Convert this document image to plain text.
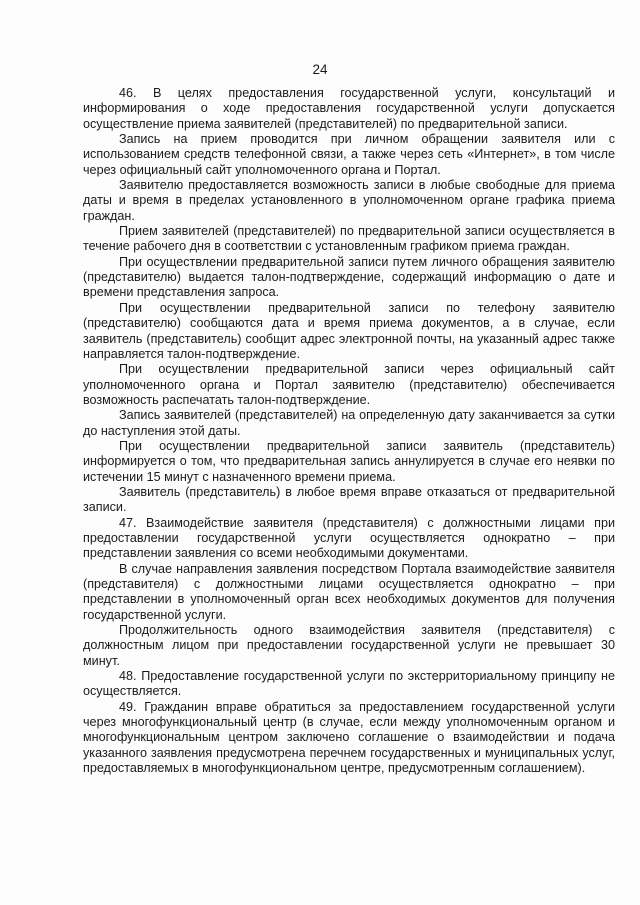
24

46. В целях предоставления государственной услуги, консультаций и информирования о ходе предоставления государственной услуги допускается осуществление приема заявителей (представителей) по предварительной записи.

Запись на прием проводится при личном обращении заявителя или с использованием средств телефонной связи, а также через сеть «Интернет», в том числе через официальный сайт уполномоченного органа и Портал.

Заявителю предоставляется возможность записи в любые свободные для приема даты и время в пределах установленного в уполномоченном органе графика приема граждан.

Прием заявителей (представителей) по предварительной записи осуществляется в течение рабочего дня в соответствии с установленным графиком приема граждан.

При осуществлении предварительной записи путем личного обращения заявителю (представителю) выдается талон-подтверждение, содержащий информацию о дате и времени представления запроса.

При осуществлении предварительной записи по телефону заявителю (представителю) сообщаются дата и время приема документов, а в случае, если заявитель (представитель) сообщит адрес электронной почты, на указанный адрес также направляется талон-подтверждение.

При осуществлении предварительной записи через официальный сайт уполномоченного органа и Портал заявителю (представителю) обеспечивается возможность распечатать талон-подтверждение.

Запись заявителей (представителей) на определенную дату заканчивается за сутки до наступления этой даты.

При осуществлении предварительной записи заявитель (представитель) информируется о том, что предварительная запись аннулируется в случае его неявки по истечении 15 минут с назначенного времени приема.

Заявитель (представитель) в любое время вправе отказаться от предварительной записи.

47. Взаимодействие заявителя (представителя) с должностными лицами при предоставлении государственной услуги осуществляется однократно – при представлении заявления со всеми необходимыми документами.

В случае направления заявления посредством Портала взаимодействие заявителя (представителя) с должностными лицами осуществляется однократно – при представлении в уполномоченный орган всех необходимых документов для получения государственной услуги.

Продолжительность одного взаимодействия заявителя (представителя) с должностным лицом при предоставлении государственной услуги не превышает 30 минут.

48. Предоставление государственной услуги по экстерриториальному принципу не осуществляется.

49. Гражданин вправе обратиться за предоставлением государственной услуги через многофункциональный центр (в случае, если между уполномоченным органом и многофункциональным центром заключено соглашение о взаимодействии и подача указанного заявления предусмотрена перечнем государственных и муниципальных услуг, предоставляемых в многофункциональном центре, предусмотренным соглашением).
